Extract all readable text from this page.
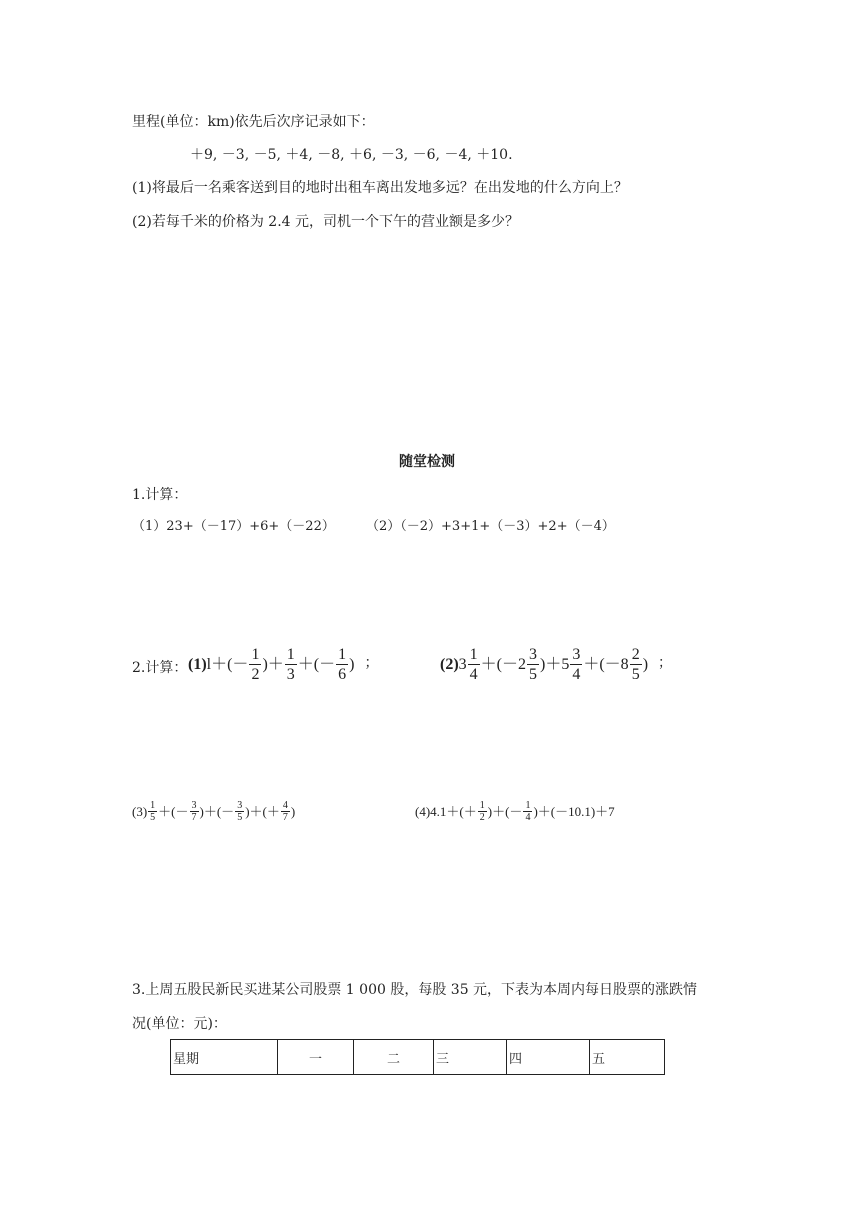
里程(单位：km)依先后次序记录如下：
＋9, －3, －5, ＋4, －8, ＋6, －3, －6, －4, ＋10.
(1)将最后一名乘客送到目的地时出租车离出发地多远？在出发地的什么方向上？
(2)若每千米的价格为 2.4 元，司机一个下午的营业额是多少？
随堂检测
1.计算：
（1）23+（－17）+6+（－22） （2）（－2）+3+1+（－3）+2+（－4）
2.计算： (1) $l+(- \frac{1}{2}$ )＋ $\frac{1}{3}$ ＋(－ $\frac{1}{6}$ ) ；	(2) $3 \frac{1}{4} +(-2 \frac{3}{5} )+5 \frac{3}{4} +(-8 \frac{2}{5}$ ) ；
$(3) \frac{1}{5}$ ＋(－ $\frac{3}{7}$ )＋(－ $\frac{3}{5}$ )＋(＋ $\frac{4}{7}$ )	(4) $4.1+(+ \frac{1}{2}$ )＋(－ $\frac{1}{4} )+(-10.1)+7$
3.上周五股民新民买进某公司股票 1 000 股，每股 35 元，下表为本周内每日股票的涨跌情
况(单位：元)：
星期	一	二	三	四	五
